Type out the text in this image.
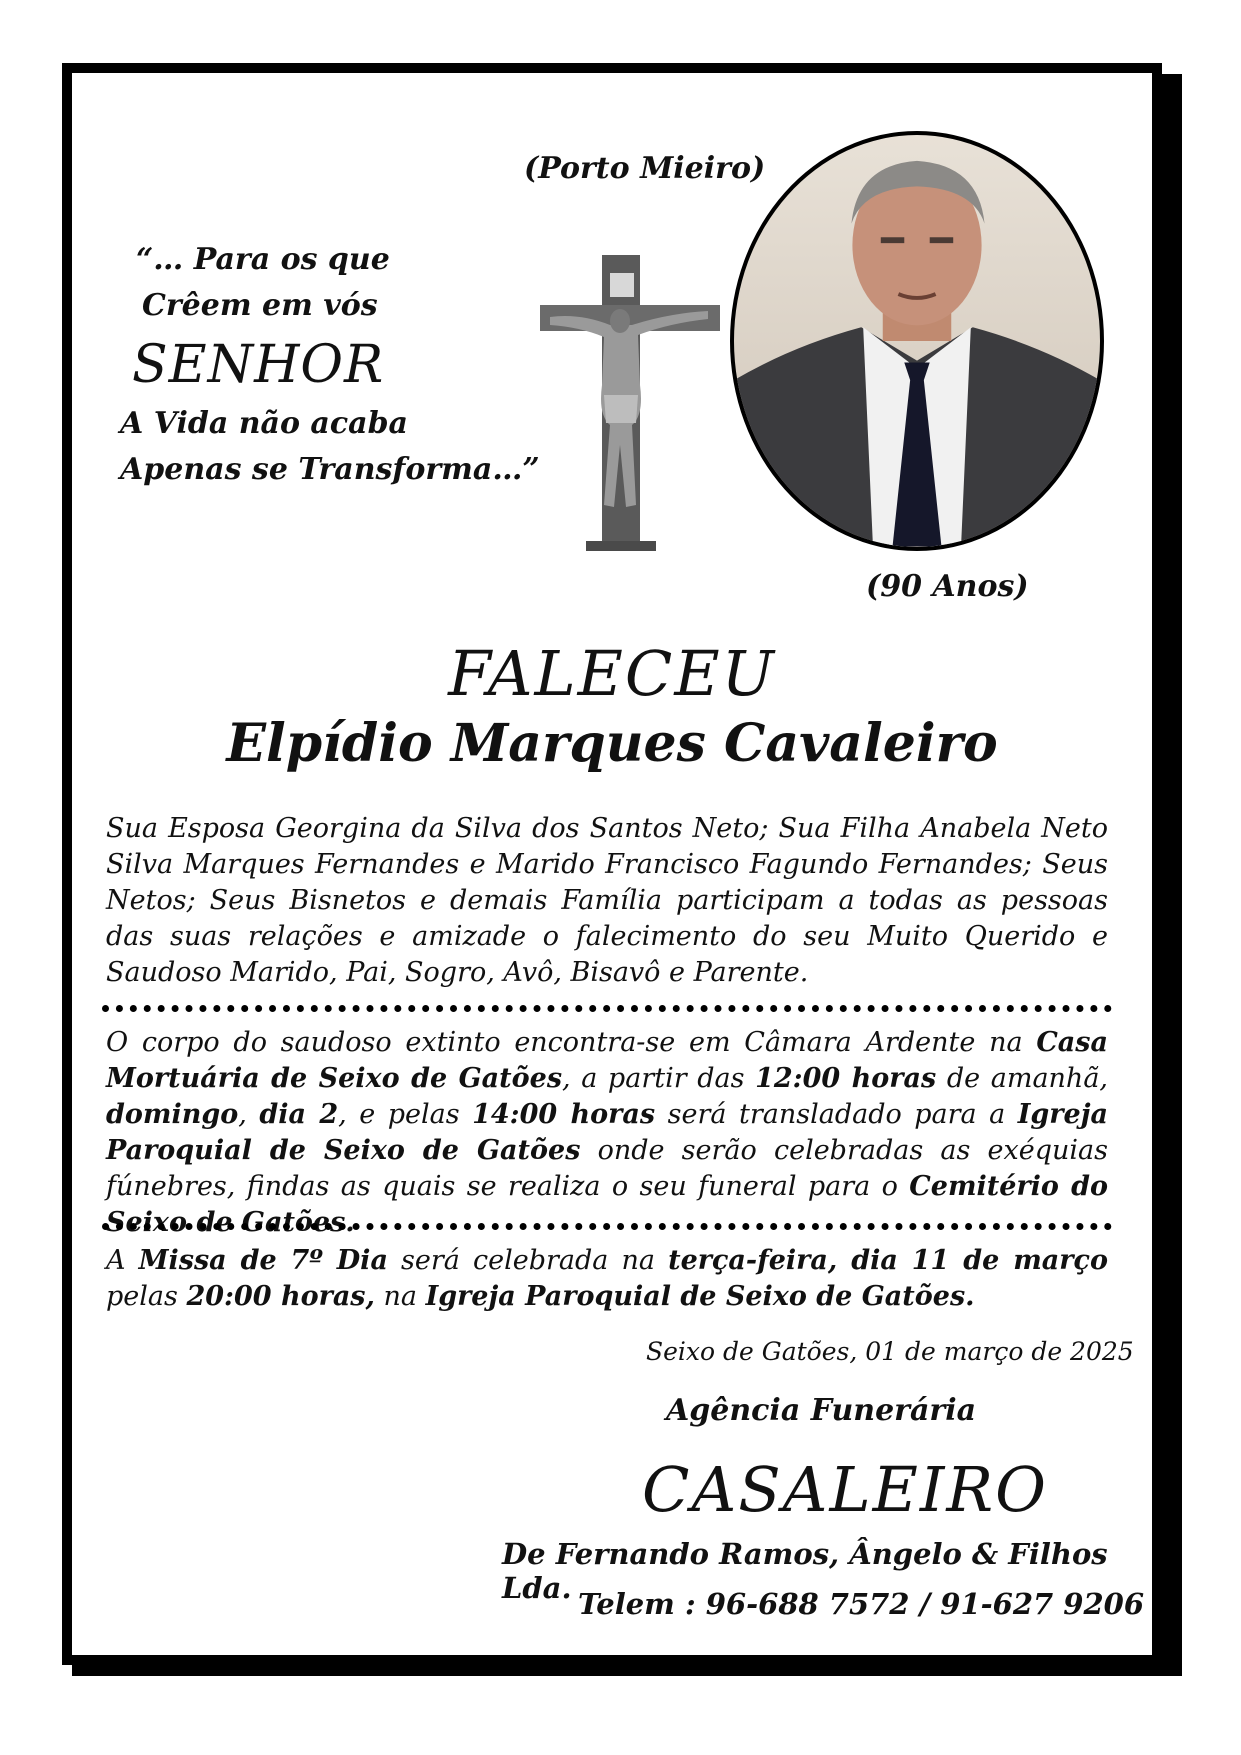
(Porto Mieiro)

“… Para os que
Crêem em vós
SENHOR
A Vida não acaba
Apenas se Transforma…”

(90 Anos)

FALECEU

Elpídio Marques Cavaleiro

Sua Esposa Georgina da Silva dos Santos Neto; Sua Filha Anabela Neto Silva Marques Fernandes e Marido Francisco Fagundo Fernandes; Seus Netos; Seus Bisnetos e demais Família participam a todas as pessoas das suas relações e amizade o falecimento do seu Muito Querido e Saudoso Marido, Pai, Sogro, Avô, Bisavô e Parente.

O corpo do saudoso extinto encontra-se em Câmara Ardente na Casa Mortuária de Seixo de Gatões, a partir das 12:00 horas de amanhã, domingo, dia 2, e pelas 14:00 horas será transladado para a Igreja Paroquial de Seixo de Gatões onde serão celebradas as exéquias fúnebres, findas as quais se realiza o seu funeral para o Cemitério do Seixo de Gatões.

A Missa de 7º Dia será celebrada na terça-feira, dia 11 de março pelas 20:00 horas, na Igreja Paroquial de Seixo de Gatões.

Seixo de Gatões, 01 de março de 2025

Agência Funerária

CASALEIRO

De Fernando Ramos, Ângelo & Filhos Lda. Telem : 96-688 7572 / 91-627 9206
